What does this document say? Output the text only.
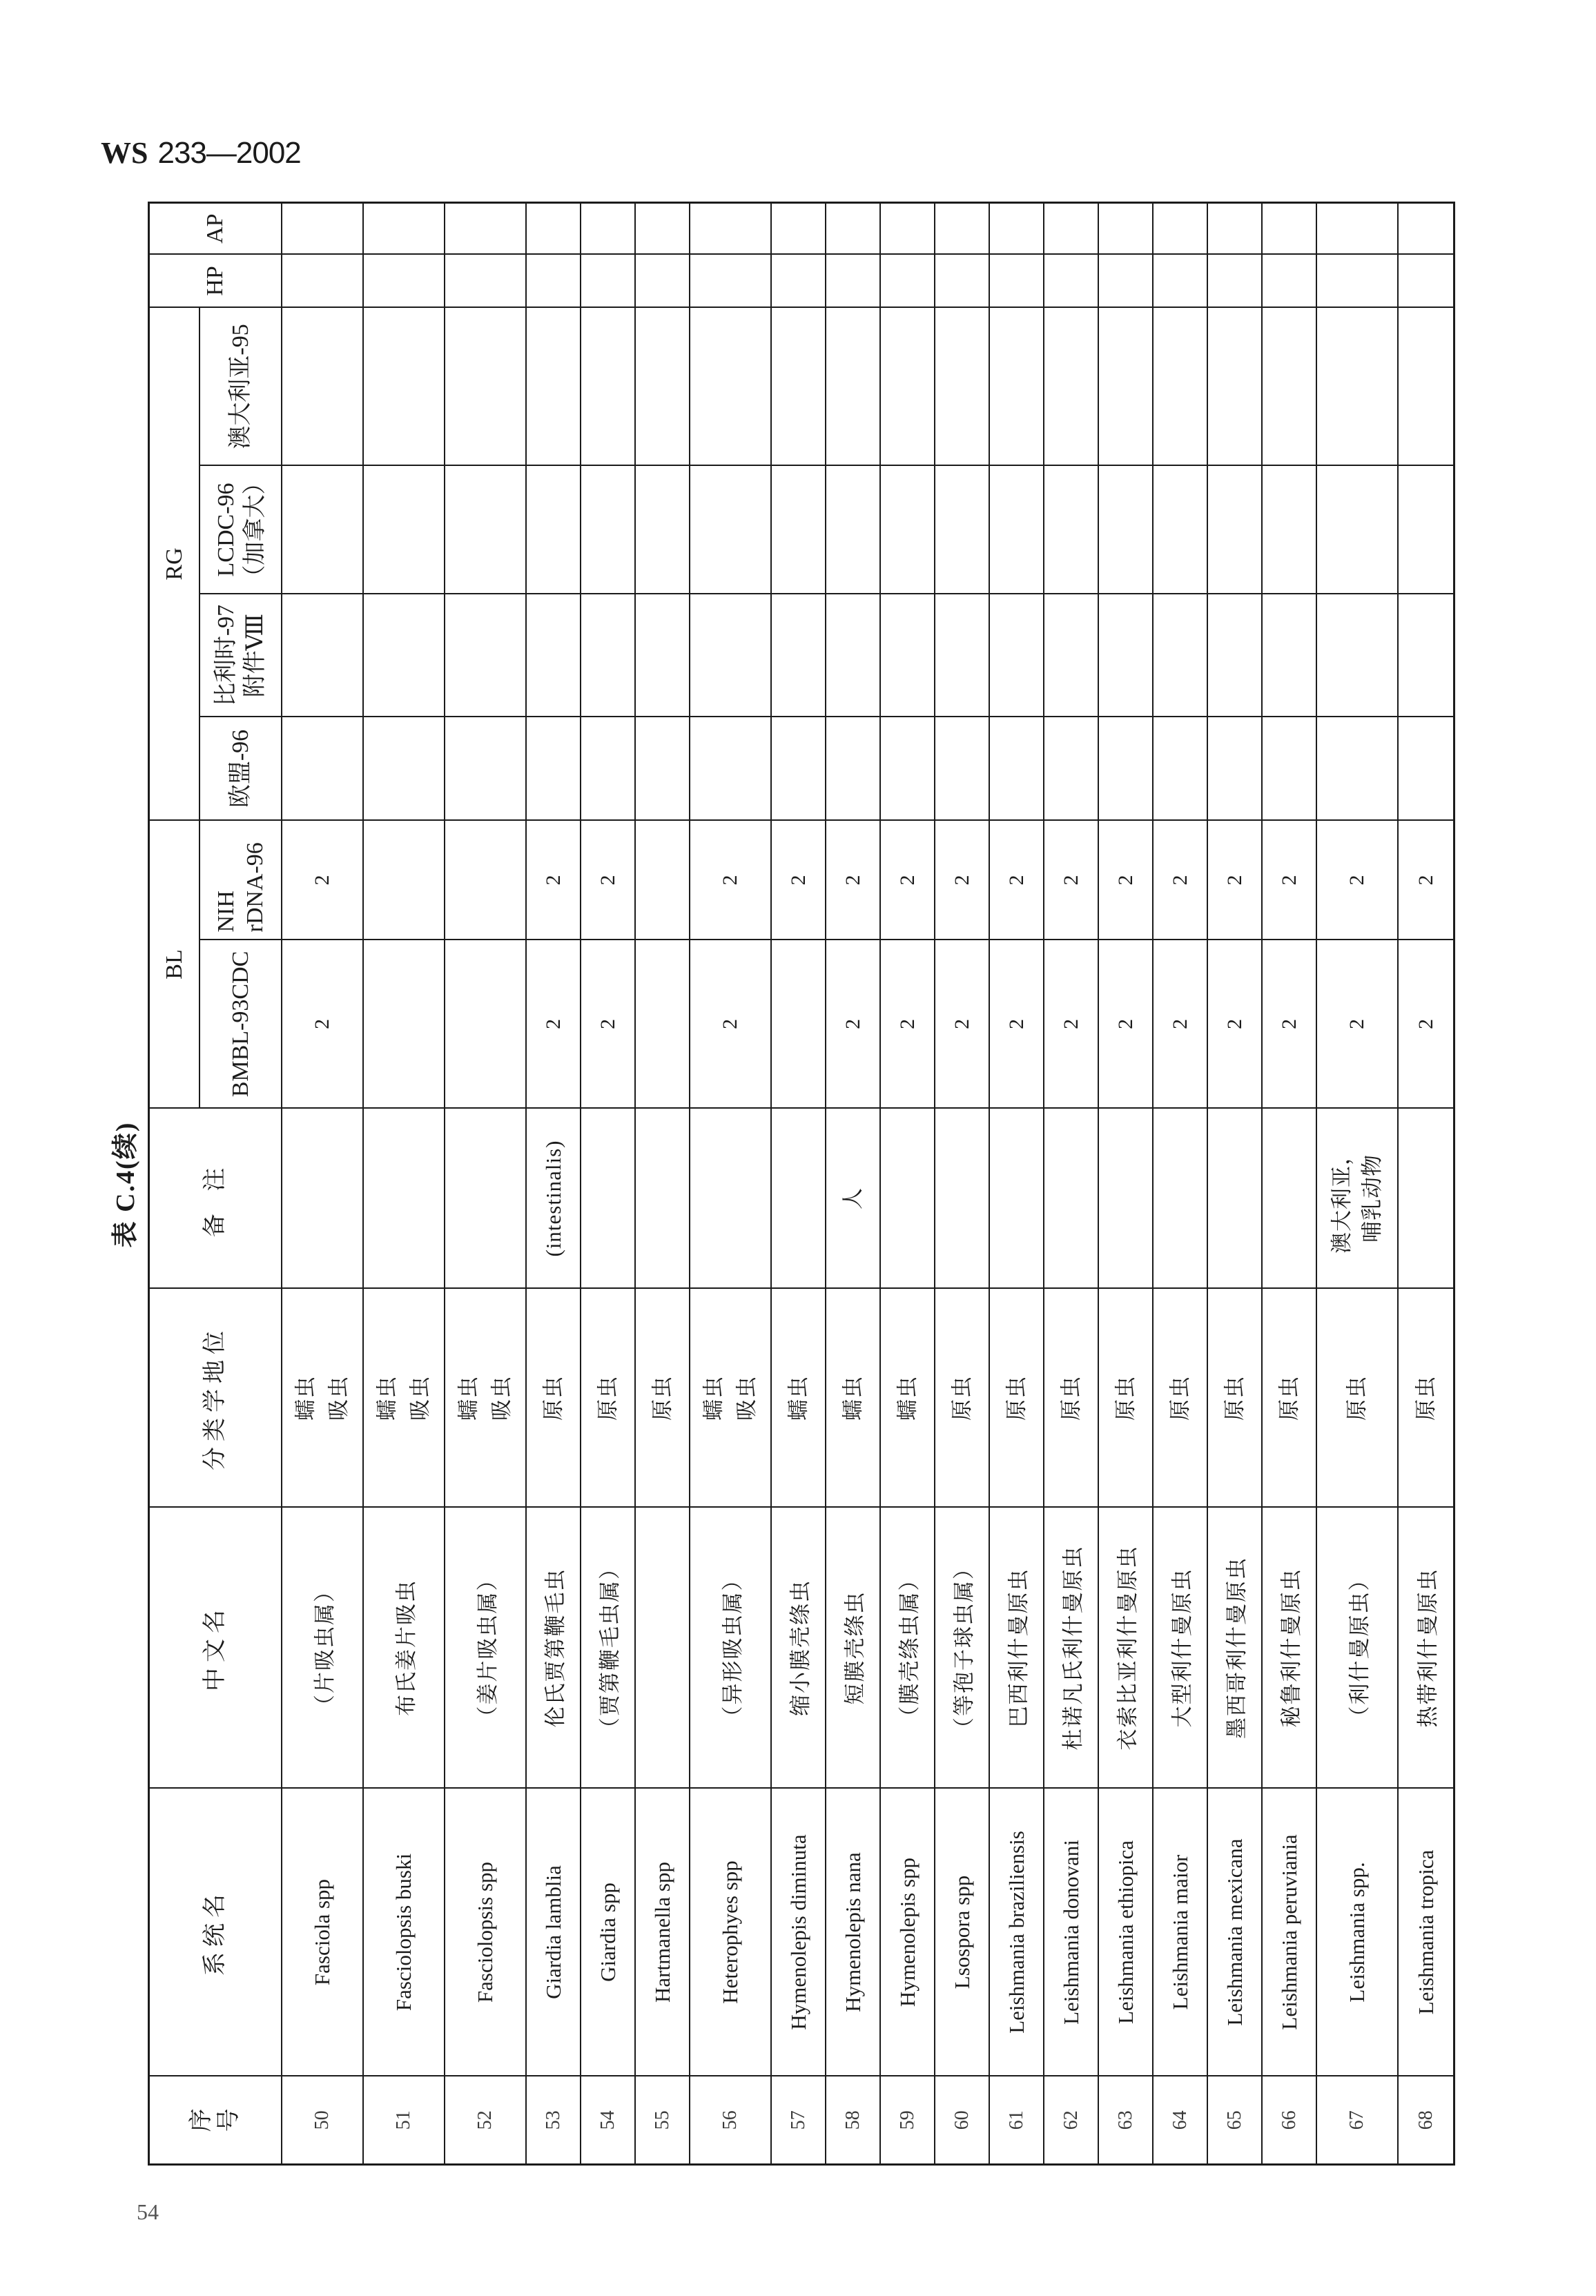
WS 233—2002
表 C.4(续)
序号	系统名	中文名	分类学地位	备 注	BL		RG				HP	AP
					BMBL-93CDC	NIH rDNA-96	欧盟-96	比利时-97 附件Ⅷ	LCDC-96 （加拿大）	澳大利亚-95		
50	Fasciola spp	（片吸虫属）	蠕虫 吸虫		2	2						
51	Fasciolopsis buski	布氏姜片吸虫	蠕虫 吸虫									

52	Fasciolopsis spp	（姜片吸虫属）	蠕虫 吸虫									

53	Giardia lamblia	伦氏贾第鞭毛虫	原虫	(intestinalis)	2	2						
54	Giardia spp	（贾第鞭毛虫属）	原虫		2	2						
55	Hartmanella spp		原虫									

56	Heterophyes spp	（异形吸虫属）	蠕虫 吸虫		2	2						
57	Hymenolepis diminuta	缩小膜壳绦虫	蠕虫			2						
58	Hymenolepis nana	短膜壳绦虫	蠕虫	人	2	2						
59	Hymenolepis spp	（膜壳绦虫属）	蠕虫		2	2						
60	Lsospora spp	（等孢子球虫属）	原虫		2	2						
61	Leishmania braziliensis	巴西利什曼原虫	原虫		2	2						
62	Leishmania donovani	杜诺凡氏利什曼原虫	原虫		2	2						
63	Leishmania ethiopica	衣索比亚利什曼原虫	原虫		2	2						
64	Leishmania maior	大型利什曼原虫	原虫		2	2						
65	Leishmania mexicana	墨西哥利什曼原虫	原虫		2	2						
66	Leishmania peruviania	秘鲁利什曼原虫	原虫		2	2						
67	Leishmania spp.	（利什曼原虫）	原虫	澳大利亚， 哺乳动物	2	2						
68	Leishmania tropica	热带利什曼原虫	原虫		2	2						
54
